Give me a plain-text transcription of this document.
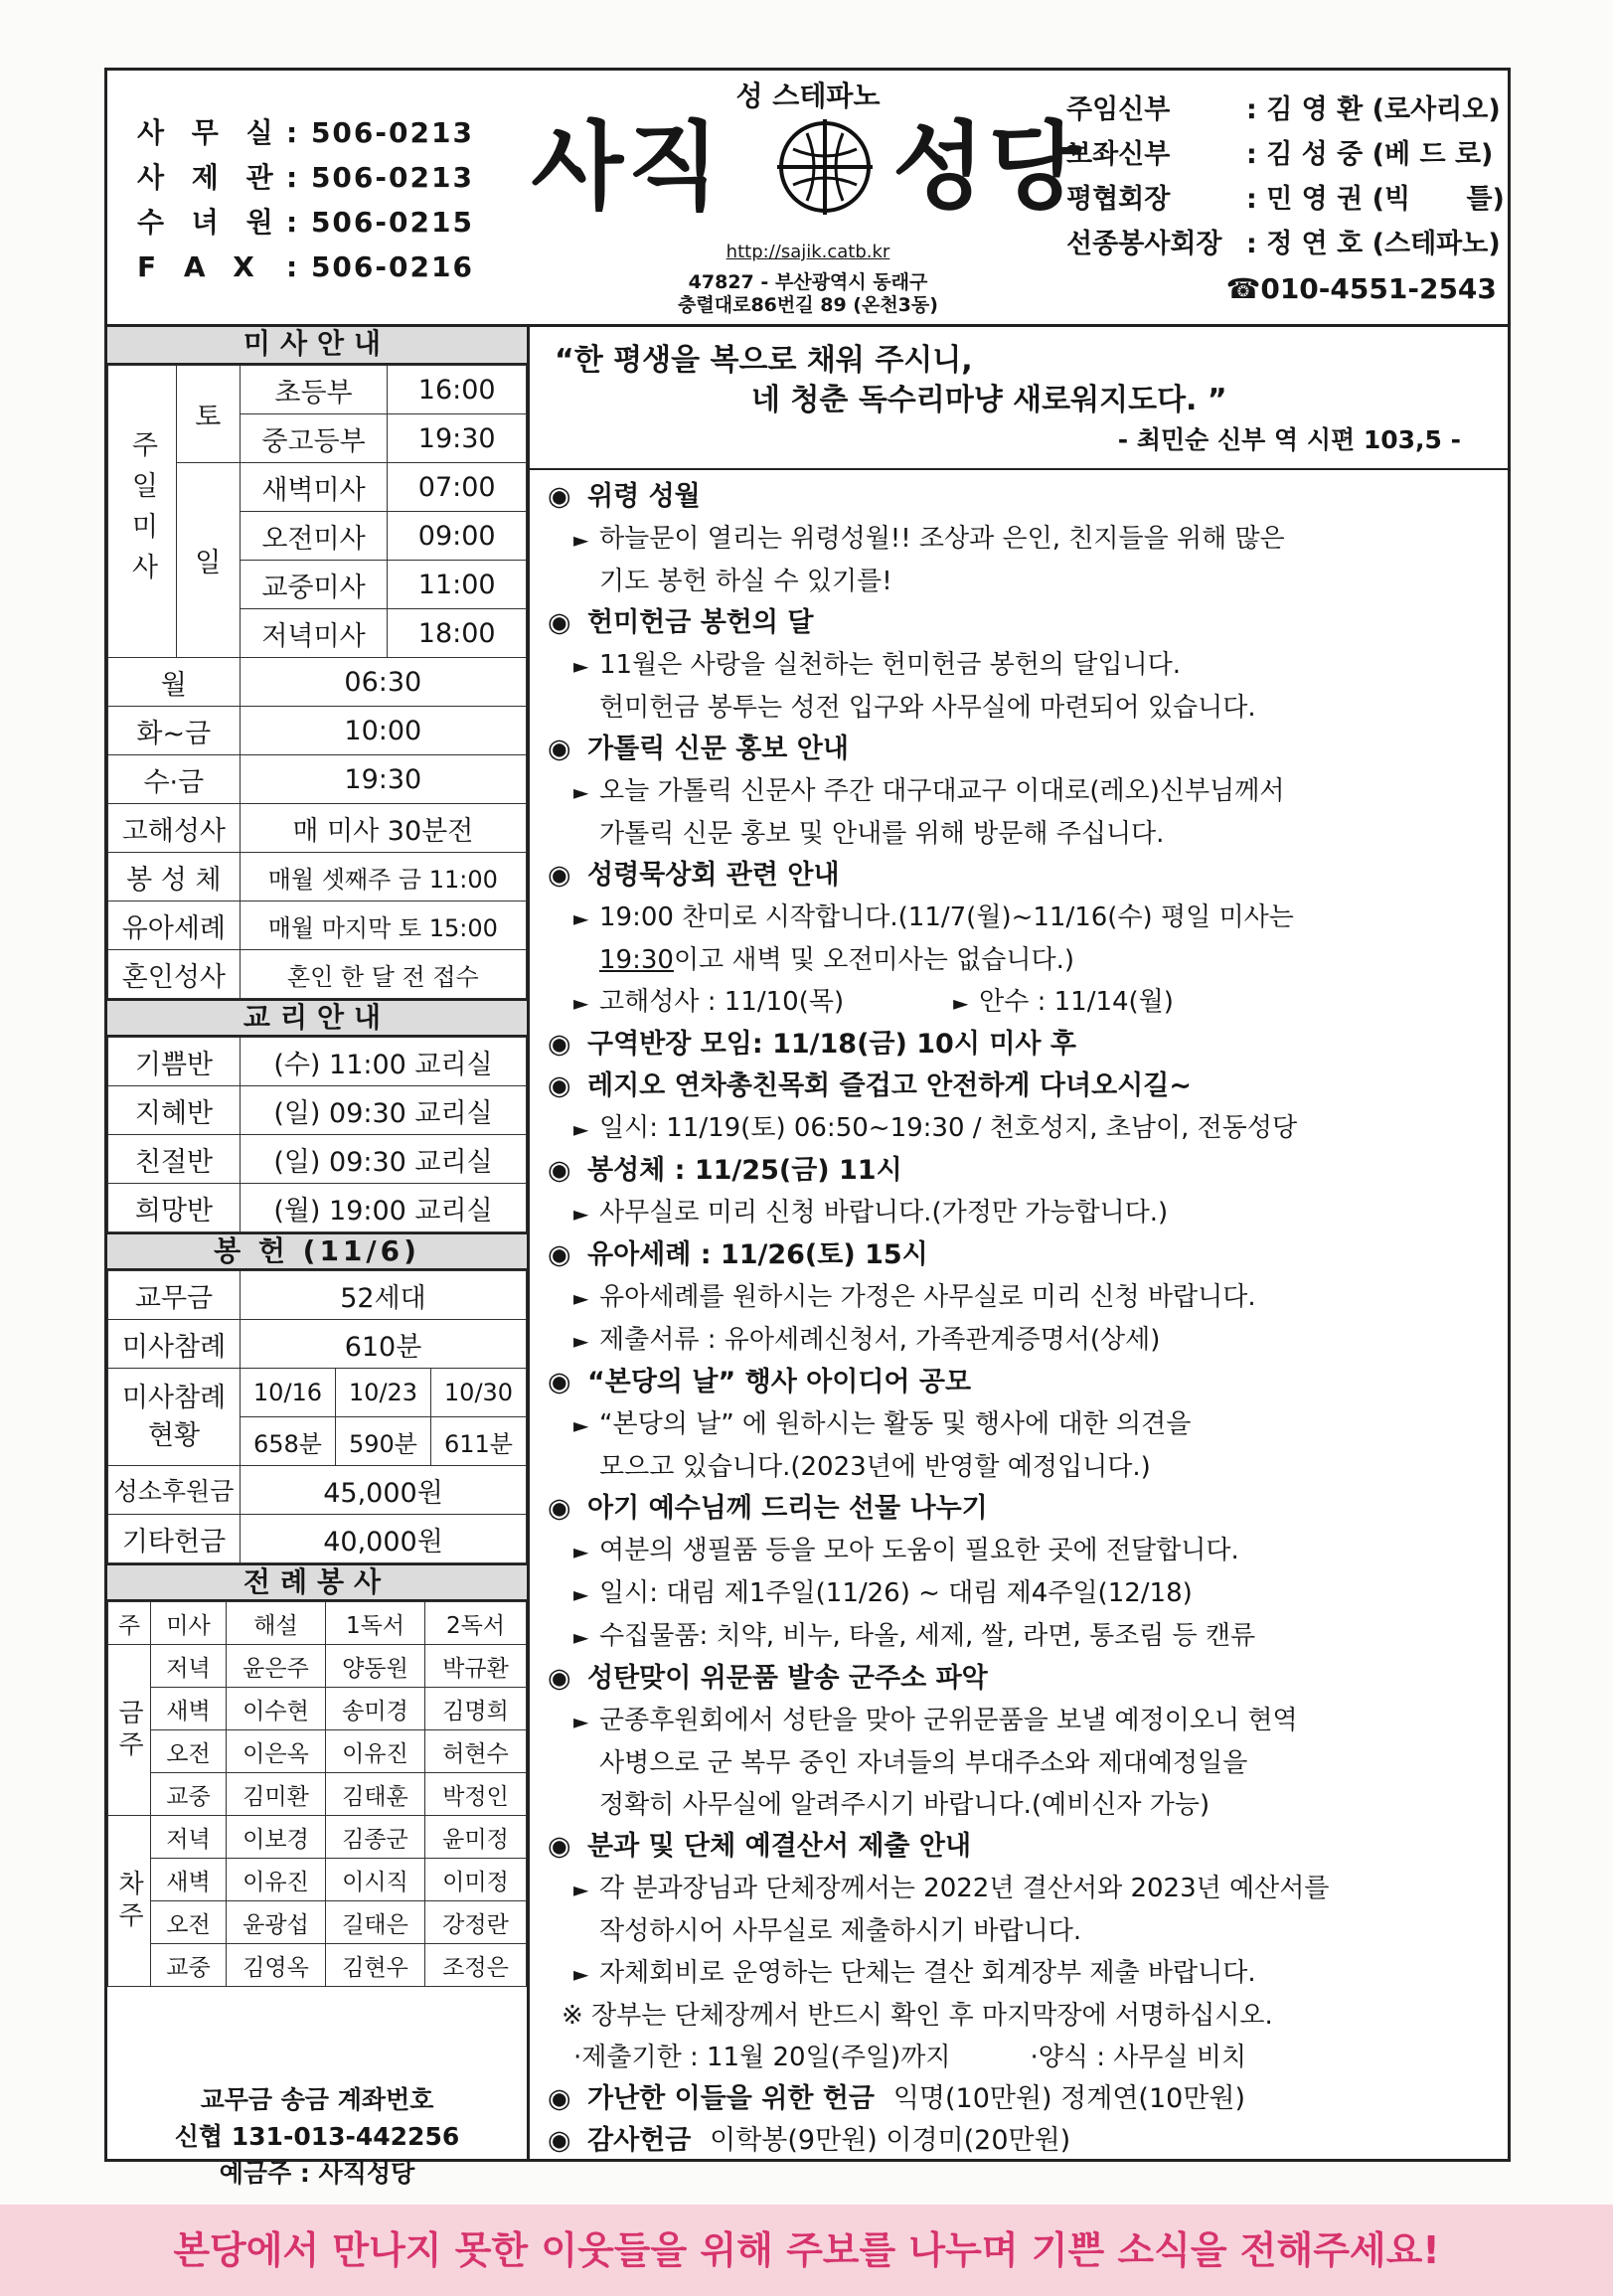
사 무 실 : 506-0213
사 제 관 : 506-0213
수 녀 원 : 506-0215
F A X : 506-0216
성 스테파노
사직 성당
http://sajik.catb.kr
47827 - 부산광역시 동래구
충렬대로86번길 89 (온천3동)
주임신부	: 김 영 환 (로사리오)
보좌신부	: 김 성 중 (베 드 로)
평협회장	: 민 영 권 (빅      틀)
선종봉사회장 : 정 연 호 (스테파노)
☎010-4551-2543
미사안내
주일미사	토	초등부	16:00
		중고등부	19:30
	일	새벽미사	07:00
		오전미사	09:00
		교중미사	11:00
		저녁미사	18:00
월		06:30	
화~금		10:00	
수·금		19:30	
고해성사		매 미사 30분전	
봉 성 체		매월 셋째주 금 11:00	
유아세례		매월 마지막 토 15:00	
혼인성사		혼인 한 달 전 접수	
교리안내
기쁨반	(수) 11:00 교리실
지혜반	(일) 09:30 교리실
친절반	(일) 09:30 교리실
희망반	(월) 19:00 교리실
봉 헌 (11/6)
교무금	52세대		
미사참례	610분		

미사참례
현황	10/16	10/23	10/30
	658분	590분	611분
성소후원금	45,000원		
기타헌금	40,000원		
전례봉사
주	미사	해설	1독서	2독서
금주	저녁	윤은주	양동원	박규환
	새벽	이수현	송미경	김명희
	오전	이은옥	이유진	허현수
	교중	김미환	김태훈	박정인
차주	저녁	이보경	김종군	윤미정
	새벽	이유진	이시직	이미정
	오전	윤광섭	길태은	강정란
	교중	김영옥	김현우	조정은
교무금 송금 계좌번호
신협 131-013-442256
예금주 : 사직성당
“한 평생을 복으로 채워 주시니,
네 청춘 독수리마냥 새로워지도다. ”
- 최민순 신부 역 시편 103,5 -
◉ 위령 성월
► 하늘문이 열리는 위령성월!! 조상과 은인, 친지들을 위해 많은
기도 봉헌 하실 수 있기를!
◉ 헌미헌금 봉헌의 달
► 11월은 사랑을 실천하는 헌미헌금 봉헌의 달입니다.
헌미헌금 봉투는 성전 입구와 사무실에 마련되어 있습니다.
◉ 가톨릭 신문 홍보 안내
► 오늘 가톨릭 신문사 주간 대구대교구 이대로(레오)신부님께서
가톨릭 신문 홍보 및 안내를 위해 방문해 주십니다.
◉ 성령묵상회 관련 안내
► 19:00 찬미로 시작합니다.(11/7(월)~11/16(수) 평일 미사는
19:30이고 새벽 및 오전미사는 없습니다.)
► 고해성사 : 11/10(목)	► 안수 : 11/14(월)
◉ 구역반장 모임: 11/18(금) 10시 미사 후
◉ 레지오 연차총친목회 즐겁고 안전하게 다녀오시길~
► 일시: 11/19(토) 06:50~19:30 / 천호성지, 초남이, 전동성당
◉ 봉성체 : 11/25(금) 11시
► 사무실로 미리 신청 바랍니다.(가정만 가능합니다.)
◉ 유아세례 : 11/26(토) 15시
► 유아세례를 원하시는 가정은 사무실로 미리 신청 바랍니다.
► 제출서류 : 유아세례신청서, 가족관계증명서(상세)
◉ “본당의 날” 행사 아이디어 공모
► “본당의 날” 에 원하시는 활동 및 행사에 대한 의견을
모으고 있습니다.(2023년에 반영할 예정입니다.)
◉ 아기 예수님께 드리는 선물 나누기
► 여분의 생필품 등을 모아 도움이 필요한 곳에 전달합니다.
► 일시: 대림 제1주일(11/26) ~ 대림 제4주일(12/18)
► 수집물품: 치약, 비누, 타올, 세제, 쌀, 라면, 통조림 등 캔류
◉ 성탄맞이 위문품 발송 군주소 파악
► 군종후원회에서 성탄을 맞아 군위문품을 보낼 예정이오니 현역
사병으로 군 복무 중인 자녀들의 부대주소와 제대예정일을
정확히 사무실에 알려주시기 바랍니다.(예비신자 가능)
◉ 분과 및 단체 예결산서 제출 안내
► 각 분과장님과 단체장께서는 2022년 결산서와 2023년 예산서를
작성하시어 사무실로 제출하시기 바랍니다.
► 자체회비로 운영하는 단체는 결산 회계장부 제출 바랍니다.
※ 장부는 단체장께서 반드시 확인 후 마지막장에 서명하십시오.
·제출기한 : 11월 20일(주일)까지	·양식 : 사무실 비치
◉ 가난한 이들을 위한 헌금 익명(10만원) 정계연(10만원)
◉ 감사헌금 이학봉(9만원) 이경미(20만원)
본당에서 만나지 못한 이웃들을 위해 주보를 나누며 기쁜 소식을 전해주세요!
